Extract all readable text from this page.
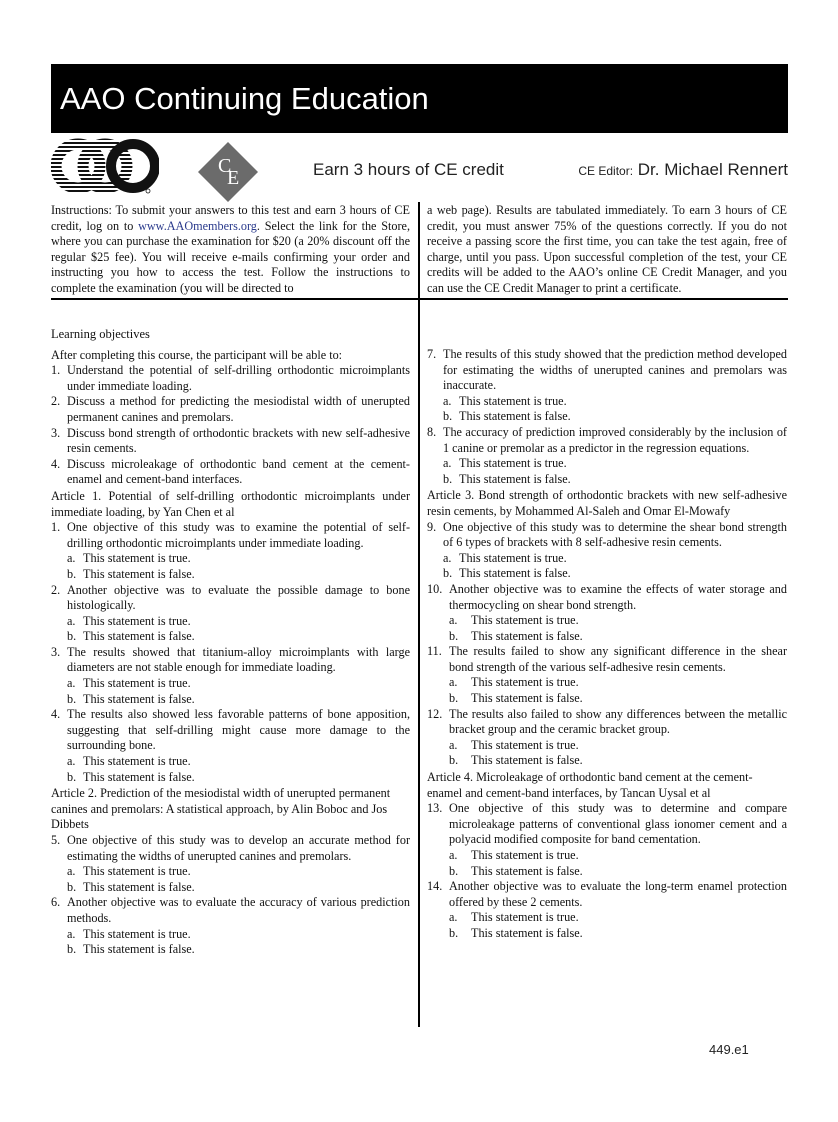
AAO Continuing Education
C
E	Earn 3 hours of CE credit	CE Editor: Dr. Michael Rennert
Instructions: To submit your answers to this test and earn 3 hours of CE credit, log on to www.AAOmembers.org. Select the link for the Store, where you can purchase the examination for $20 (a 20% discount off the regular $25 fee). You will receive e-mails confirming your order and instructing you how to access the test. Follow the instructions to complete the examination (you will be directed to
a web page). Results are tabulated immediately. To earn 3 hours of CE credit, you must answer 75% of the questions correctly. If you do not receive a passing score the first time, you can take the test again, free of charge, until you pass. Upon successful completion of the test, your CE credits will be added to the AAO’s online CE Credit Manager, and you can use the CE Credit Manager to print a certificate.

Learning objectives

After completing this course, the participant will be able to:

1. Understand the potential of self-drilling orthodontic microimplants under immediate loading.
2. Discuss a method for predicting the mesiodistal width of unerupted permanent canines and premolars.
3. Discuss bond strength of orthodontic brackets with new self-adhesive resin cements.
4. Discuss microleakage of orthodontic band cement at the cement-enamel and cement-band interfaces.
Article 1. Potential of self-drilling orthodontic microimplants under immediate loading, by Yan Chen et al
1. One objective of this study was to examine the potential of self-drilling orthodontic microimplants under immediate loading.
a. This statement is true.
b. This statement is false.
2. Another objective was to evaluate the possible damage to bone histologically.
a. This statement is true.
b. This statement is false.
3. The results showed that titanium-alloy microimplants with large diameters are not stable enough for immediate loading.
a. This statement is true.
b. This statement is false.
4. The results also showed less favorable patterns of bone apposition, suggesting that self-drilling might cause more damage to the surrounding bone.
a. This statement is true.
b. This statement is false.
Article 2. Prediction of the mesiodistal width of unerupted permanent canines and premolars: A statistical approach, by Alin Boboc and Jos Dibbets
5. One objective of this study was to develop an accurate method for estimating the widths of unerupted canines and premolars.
a. This statement is true.
b. This statement is false.
6. Another objective was to evaluate the accuracy of various prediction methods.
a. This statement is true.
b. This statement is false.
7. The results of this study showed that the prediction method developed for estimating the widths of unerupted canines and premolars was inaccurate.
a. This statement is true.
b. This statement is false.
8. The accuracy of prediction improved considerably by the inclusion of 1 canine or premolar as a predictor in the regression equations.
a. This statement is true.
b. This statement is false.
Article 3. Bond strength of orthodontic brackets with new self-adhesive resin cements, by Mohammed Al-Saleh and Omar El-Mowafy
9. One objective of this study was to determine the shear bond strength of 6 types of brackets with 8 self-adhesive resin cements.
a. This statement is true.
b. This statement is false.
10. Another objective was to examine the effects of water storage and thermocycling on shear bond strength.
a. This statement is true.
b. This statement is false.
11. The results failed to show any significant difference in the shear bond strength of the various self-adhesive resin cements.
a. This statement is true.
b. This statement is false.
12. The results also failed to show any differences between the metallic bracket group and the ceramic bracket group.
a. This statement is true.
b. This statement is false.
Article 4. Microleakage of orthodontic band cement at the cement-enamel and cement-band interfaces, by Tancan Uysal et al
13. One objective of this study was to determine and compare microleakage patterns of conventional glass ionomer cement and a polyacid modified composite for band cementation.
a. This statement is true.
b. This statement is false.
14. Another objective was to evaluate the long-term enamel protection offered by these 2 cements.
a. This statement is true.
b. This statement is false.
449.e1
